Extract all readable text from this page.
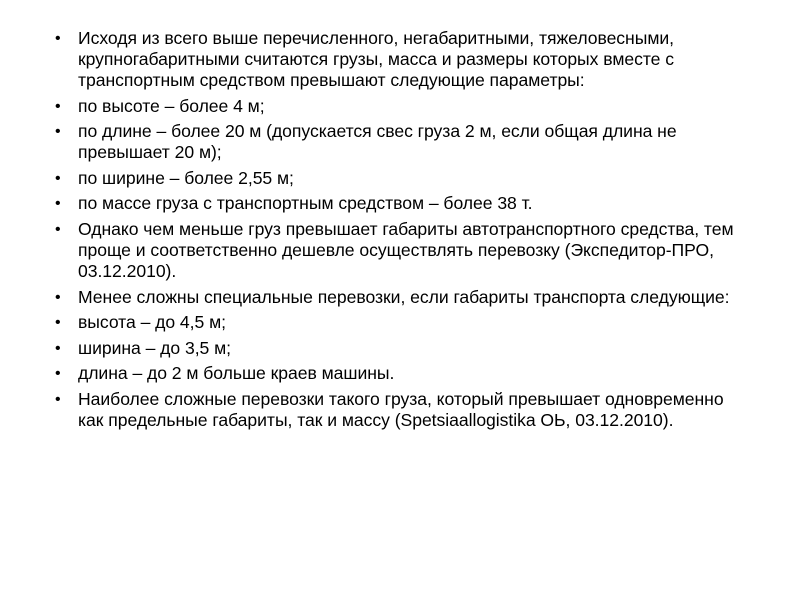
• Исходя из всего выше перечисленного, негабаритными, тяжеловесными, крупногабаритными считаются грузы, масса и размеры которых вместе с транспортным средством превышают следующие параметры:
• по высоте – более 4 м;
• по длине – более 20 м (допускается свес груза 2 м, если общая длина не превышает 20 м);
• по ширине – более 2,55 м;
• по массе груза с транспортным средством – более 38 т.
• Однако чем меньше груз превышает габариты автотранспортного средства, тем проще и соответственно дешевле осуществлять перевозку (Экспедитор-ПРО, 03.12.2010).
• Менее сложны специальные перевозки, если габариты транспорта следующие:
• высота – до 4,5 м;
• ширина – до 3,5 м;
• длина – до 2 м больше краев машины.
• Наиболее сложные перевозки такого груза, который превышает одновременно как предельные габариты, так и массу (Spetsiaallogistika ОЬ, 03.12.2010).
